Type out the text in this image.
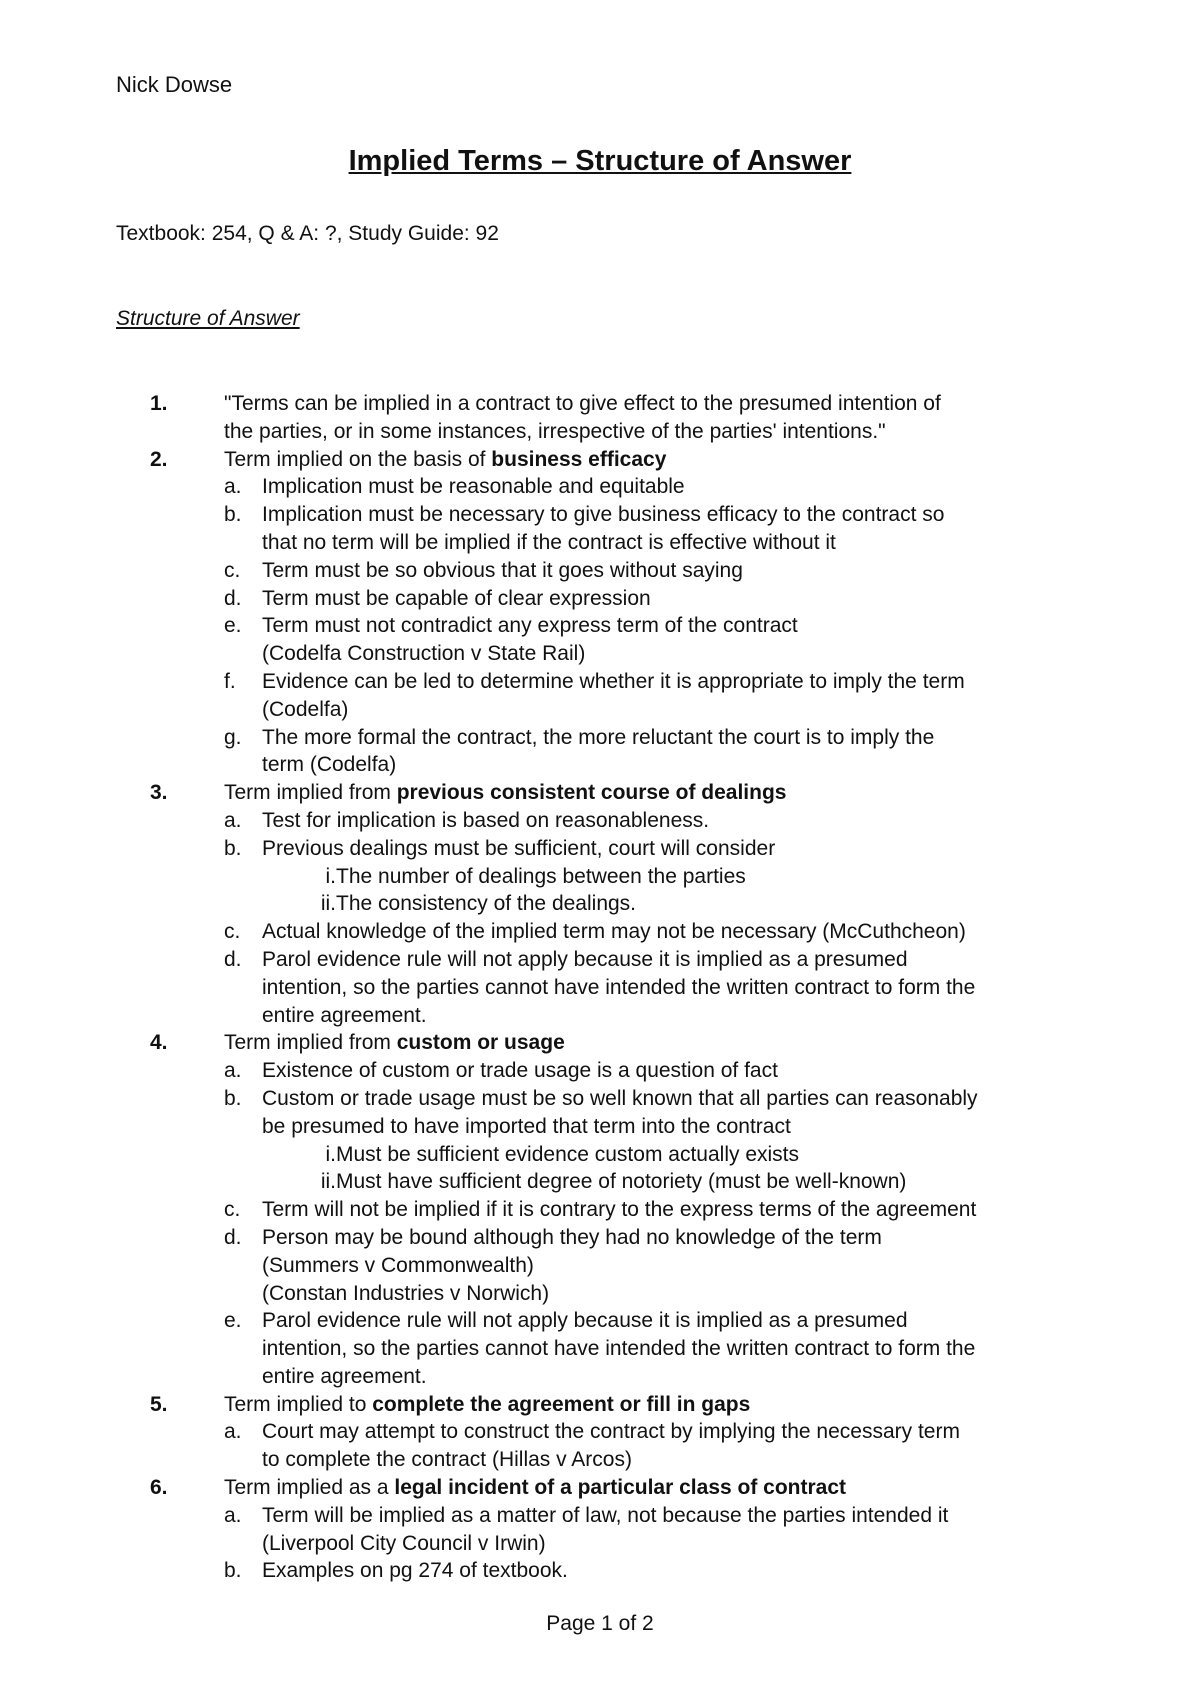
Nick Dowse
Implied Terms – Structure of Answer
Textbook: 254, Q & A: ?, Study Guide: 92
Structure of Answer
1.	"Terms can be implied in a contract to give effect to the presumed intention of
the parties, or in some instances, irrespective of the parties' intentions."
2.	Term implied on the basis of business efficacy
a. Implication must be reasonable and equitable
b. Implication must be necessary to give business efficacy to the contract so
that no term will be implied if the contract is effective without it
c. Term must be so obvious that it goes without saying
d. Term must be capable of clear expression
e. Term must not contradict any express term of the contract
(Codelfa Construction v State Rail)
f. Evidence can be led to determine whether it is appropriate to imply the term
(Codelfa)
g. The more formal the contract, the more reluctant the court is to imply the
term (Codelfa)
3.	Term implied from previous consistent course of dealings
a. Test for implication is based on reasonableness.
b. Previous dealings must be sufficient, court will consider
i. The number of dealings between the parties
ii. The consistency of the dealings.
c. Actual knowledge of the implied term may not be necessary (McCuthcheon)
d. Parol evidence rule will not apply because it is implied as a presumed
intention, so the parties cannot have intended the written contract to form the
entire agreement.
4.	Term implied from custom or usage
a. Existence of custom or trade usage is a question of fact
b. Custom or trade usage must be so well known that all parties can reasonably
be presumed to have imported that term into the contract
i. Must be sufficient evidence custom actually exists
ii. Must have sufficient degree of notoriety (must be well-known)
c. Term will not be implied if it is contrary to the express terms of the agreement
d. Person may be bound although they had no knowledge of the term
(Summers v Commonwealth)
(Constan Industries v Norwich)
e. Parol evidence rule will not apply because it is implied as a presumed
intention, so the parties cannot have intended the written contract to form the
entire agreement.
5.	Term implied to complete the agreement or fill in gaps
a. Court may attempt to construct the contract by implying the necessary term
to complete the contract (Hillas v Arcos)
6.	Term implied as a legal incident of a particular class of contract
a. Term will be implied as a matter of law, not because the parties intended it
(Liverpool City Council v Irwin)
b. Examples on pg 274 of textbook.
Page 1 of 2
